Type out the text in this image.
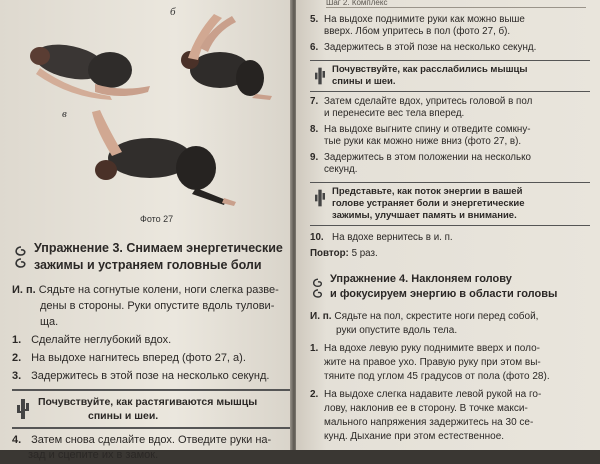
б
в
Фото 27
Упражнение 3. Снимаем энергетические
зажимы и устраняем головные боли
И. п. Сядьте на согнутые колени, ноги слегка разве-
дены в стороны. Руки опустите вдоль тулови-
ща.
1. Сделайте неглубокий вдох.
2. На выдохе нагнитесь вперед (фото 27, а).
3. Задержитесь в этой позе на несколько секунд.
Почувствуйте, как растягиваются мышцы
спины и шеи.
4. Затем снова сделайте вдох. Отведите руки на-
зад и сцепите их в замок.
Шаг 2. Комплекс
5. На выдохе поднимите руки как можно выше
вверх. Лбом упритесь в пол (фото 27, б).
6. Задержитесь в этой позе на несколько секунд.
Почувствуйте, как расслабились мышцы
спины и шеи.
7. Затем сделайте вдох, упритесь головой в пол
и перенесите вес тела вперед.
8. На выдохе выгните спину и отведите сомкну-
тые руки как можно ниже вниз (фото 27, в).
9. Задержитесь в этом положении на несколько
секунд.
Представьте, как поток энергии в вашей
голове устраняет боли и энергетические
зажимы, улучшает память и внимание.
10. На вдохе вернитесь в и. п.
Повтор: 5 раз.
Упражнение 4. Наклоняем голову
и фокусируем энергию в области головы
И. п. Сядьте на пол, скрестите ноги перед собой,
руки опустите вдоль тела.
1. На вдохе левую руку поднимите вверх и поло-
жите на правое ухо. Правую руку при этом вы-
тяните под углом 45 градусов от пола (фото 28).
2. На выдохе слегка надавите левой рукой на го-
лову, наклонив ее в сторону. В точке макси-
мального напряжения задержитесь на 30 се-
кунд. Дыхание при этом естественное.
